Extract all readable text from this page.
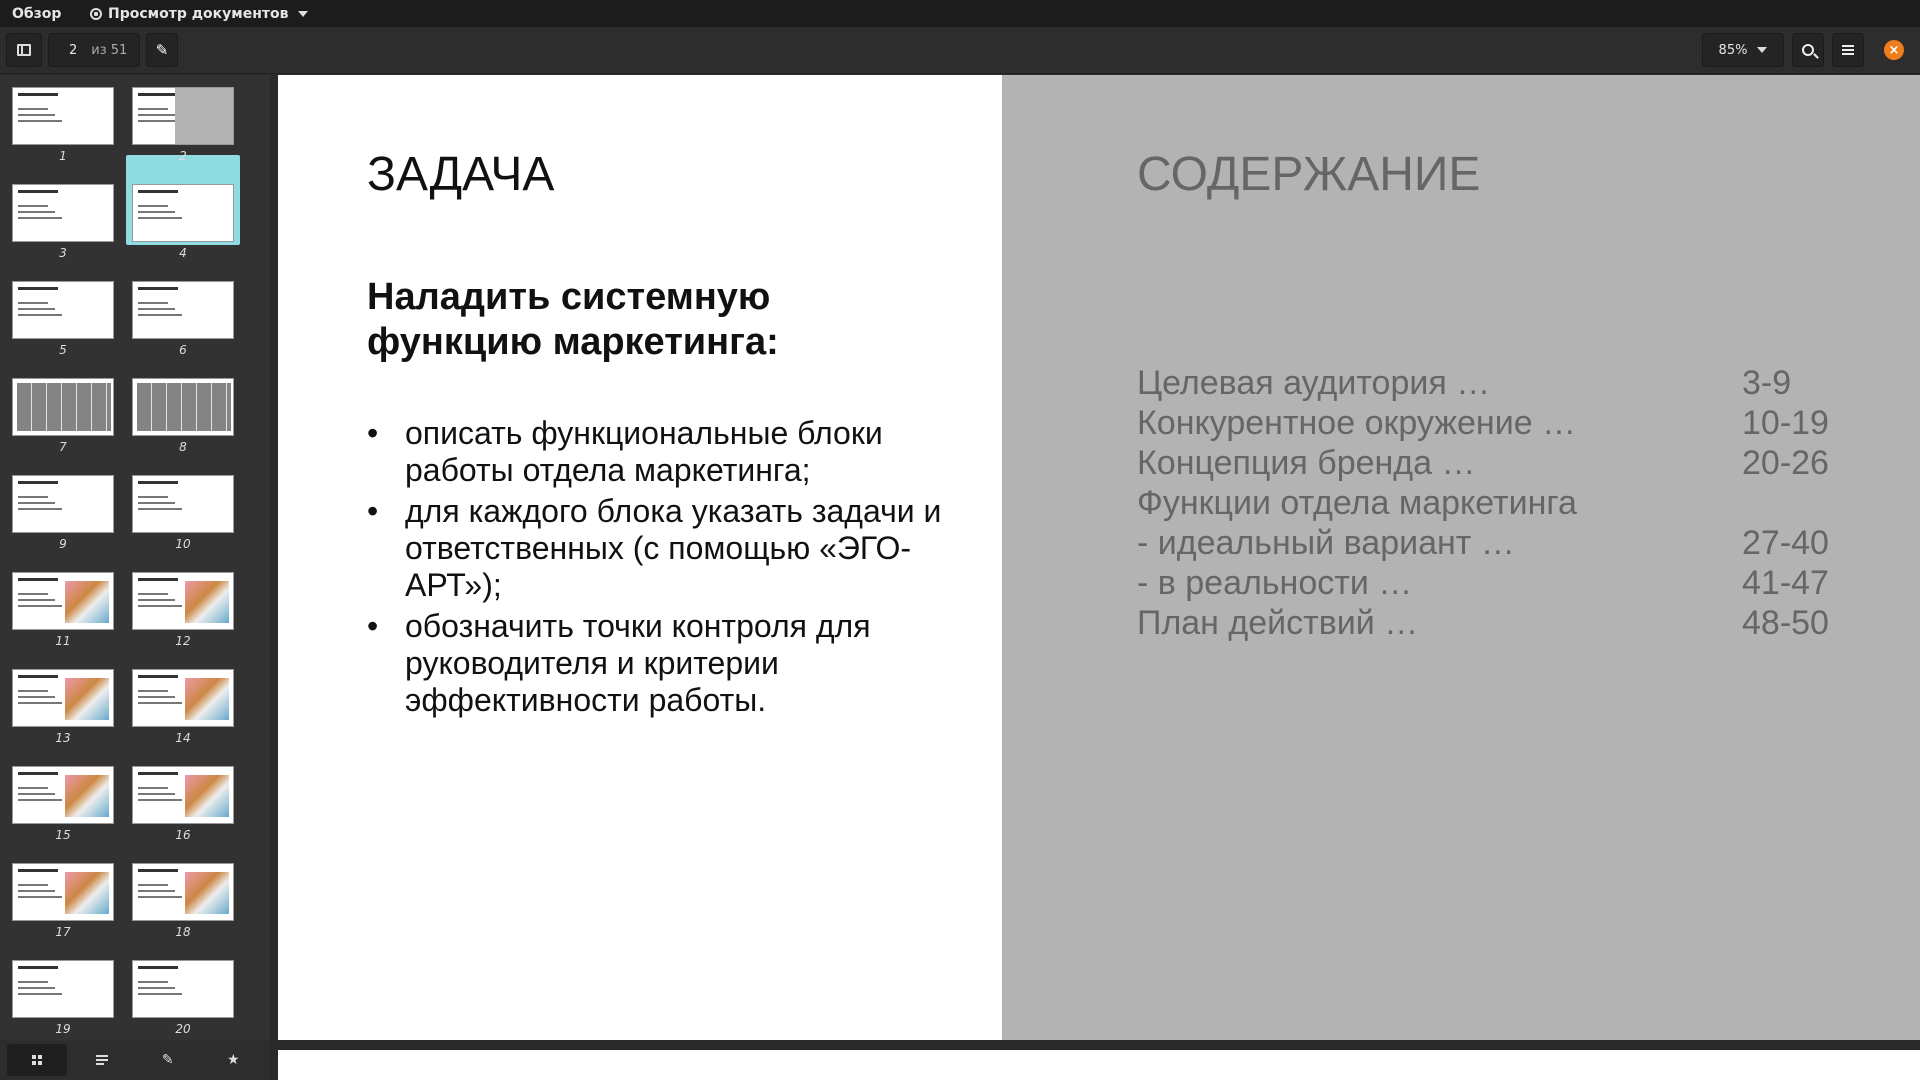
Обзор	Просмотр документов
2 из 51 ✎	85%	×
1	2
3	4
5	6
7	8
9	10
11	12
13	14
15	16
17	18
19	20
✎	★
ЗАДАЧА
Наладить системную функцию маркетинга:
• описать функциональные блоки работы отдела маркетинга;
• для каждого блока указать задачи и ответственных (с помощью «ЭГО-АРТ»);
• обозначить точки контроля для руководителя и критерии эффективности работы.
СОДЕРЖАНИЕ
Целевая аудитория …	3-9
Конкурентное окружение …	10-19
Концепция бренда …	20-26
Функции отдела маркетинга
- идеальный вариант …	27-40
- в реальности …	41-47
План действий …	48-50
